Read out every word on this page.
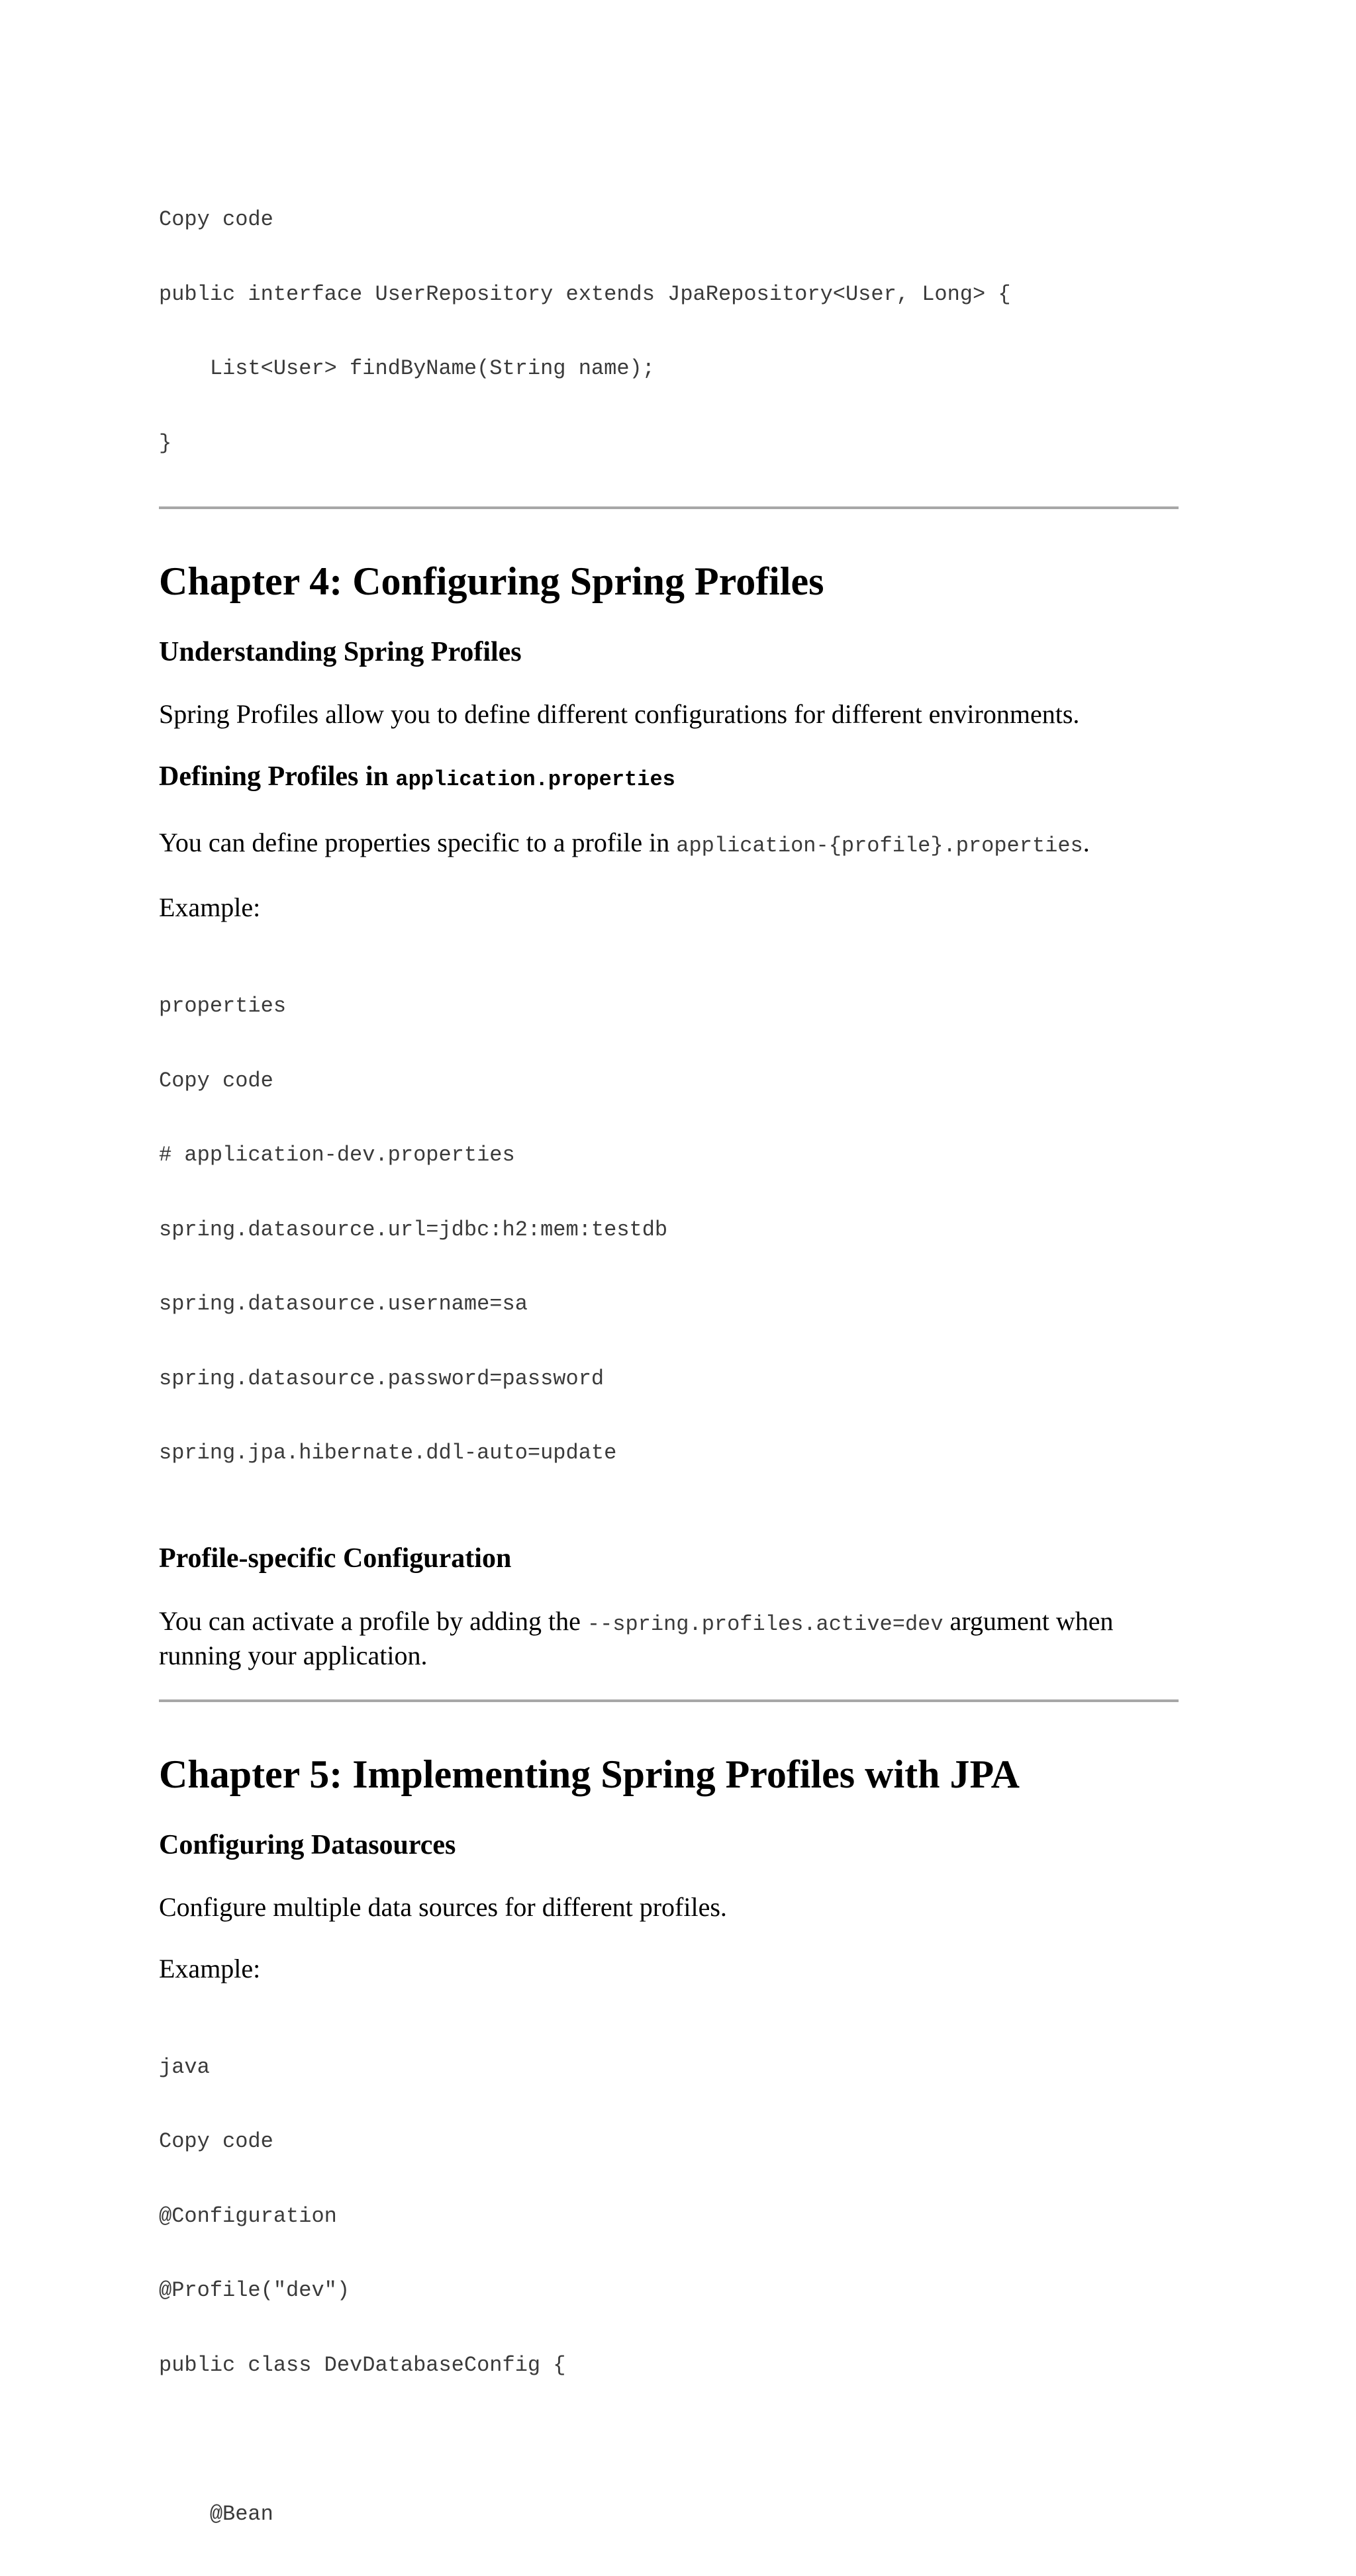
Copy code

public interface UserRepository extends JpaRepository<User, Long> {

List<User> findByName(String name);

}

Chapter 4: Configuring Spring Profiles
Understanding Spring Profiles

Spring Profiles allow you to define different configurations for different environments.

Defining Profiles in application.properties

You can define properties specific to a profile in application-{profile}.properties.

Example:

properties

Copy code

# application-dev.properties

spring.datasource.url=jdbc:h2:mem:testdb

spring.datasource.username=sa

spring.datasource.password=password

spring.jpa.hibernate.ddl-auto=update

Profile-specific Configuration

You can activate a profile by adding the --spring.profiles.active=dev argument when running your application.

Chapter 5: Implementing Spring Profiles with JPA
Configuring Datasources

Configure multiple data sources for different profiles.

Example:

java

Copy code

@Configuration

@Profile("dev")

public class DevDatabaseConfig {

@Bean
